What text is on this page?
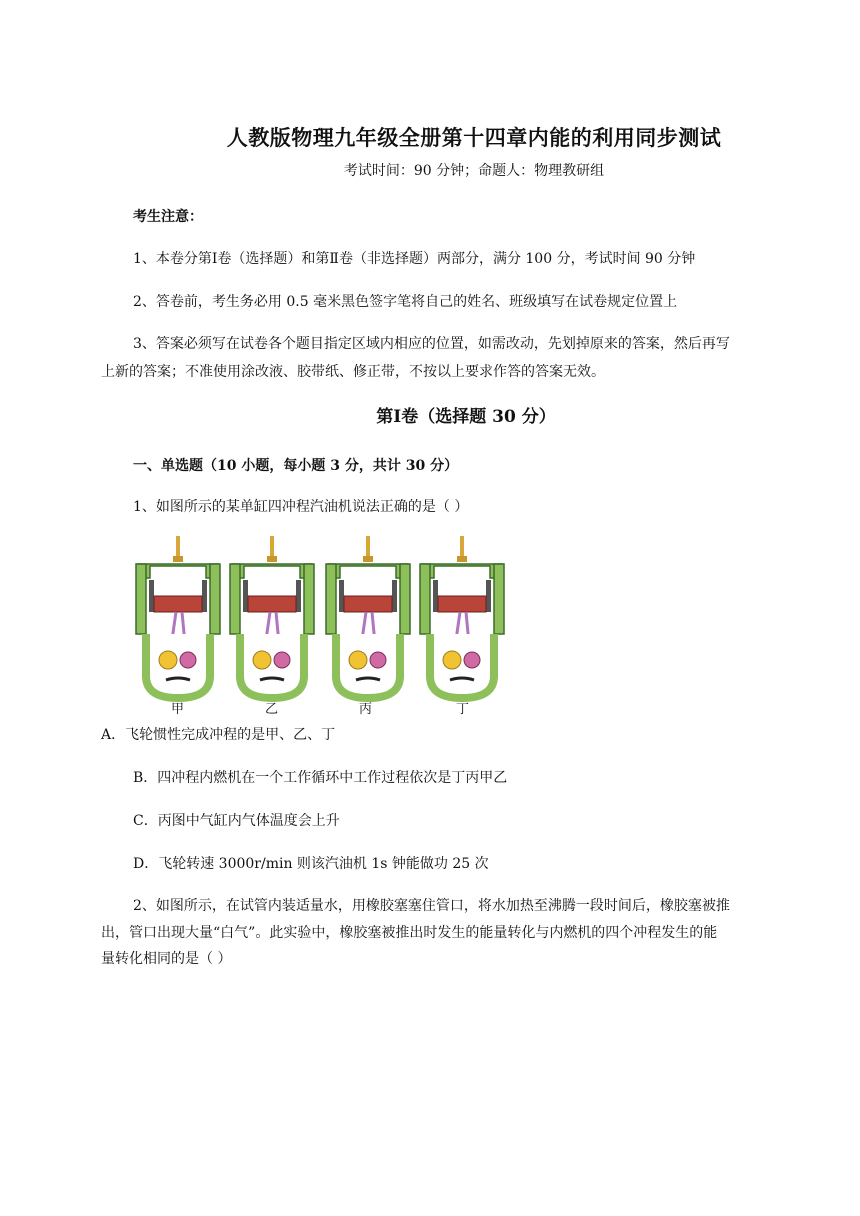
人教版物理九年级全册第十四章内能的利用同步测试
考试时间：90 分钟；命题人：物理教研组
考生注意：
1、本卷分第Ⅰ卷（选择题）和第Ⅱ卷（非选择题）两部分，满分 100 分，考试时间 90 分钟
2、答卷前，考生务必用 0.5 毫米黑色签字笔将自己的姓名、班级填写在试卷规定位置上
3、答案必须写在试卷各个题目指定区域内相应的位置，如需改动，先划掉原来的答案，然后再写
上新的答案；不准使用涂改液、胶带纸、修正带，不按以上要求作答的答案无效。
第Ⅰ卷（选择题 30 分）
一、单选题（10 小题，每小题 3 分，共计 30 分）
1、如图所示的某单缸四冲程汽油机说法正确的是（ ）
甲	乙	丙	丁
A．飞轮惯性完成冲程的是甲、乙、丁
B．四冲程内燃机在一个工作循环中工作过程依次是丁丙甲乙
C．丙图中气缸内气体温度会上升
D．飞轮转速 3000r/min 则该汽油机 1s 钟能做功 25 次
2、如图所示，在试管内装适量水，用橡胶塞塞住管口，将水加热至沸腾一段时间后，橡胶塞被推
出，管口出现大量“白气”。此实验中，橡胶塞被推出时发生的能量转化与内燃机的四个冲程发生的能
量转化相同的是（ ）
